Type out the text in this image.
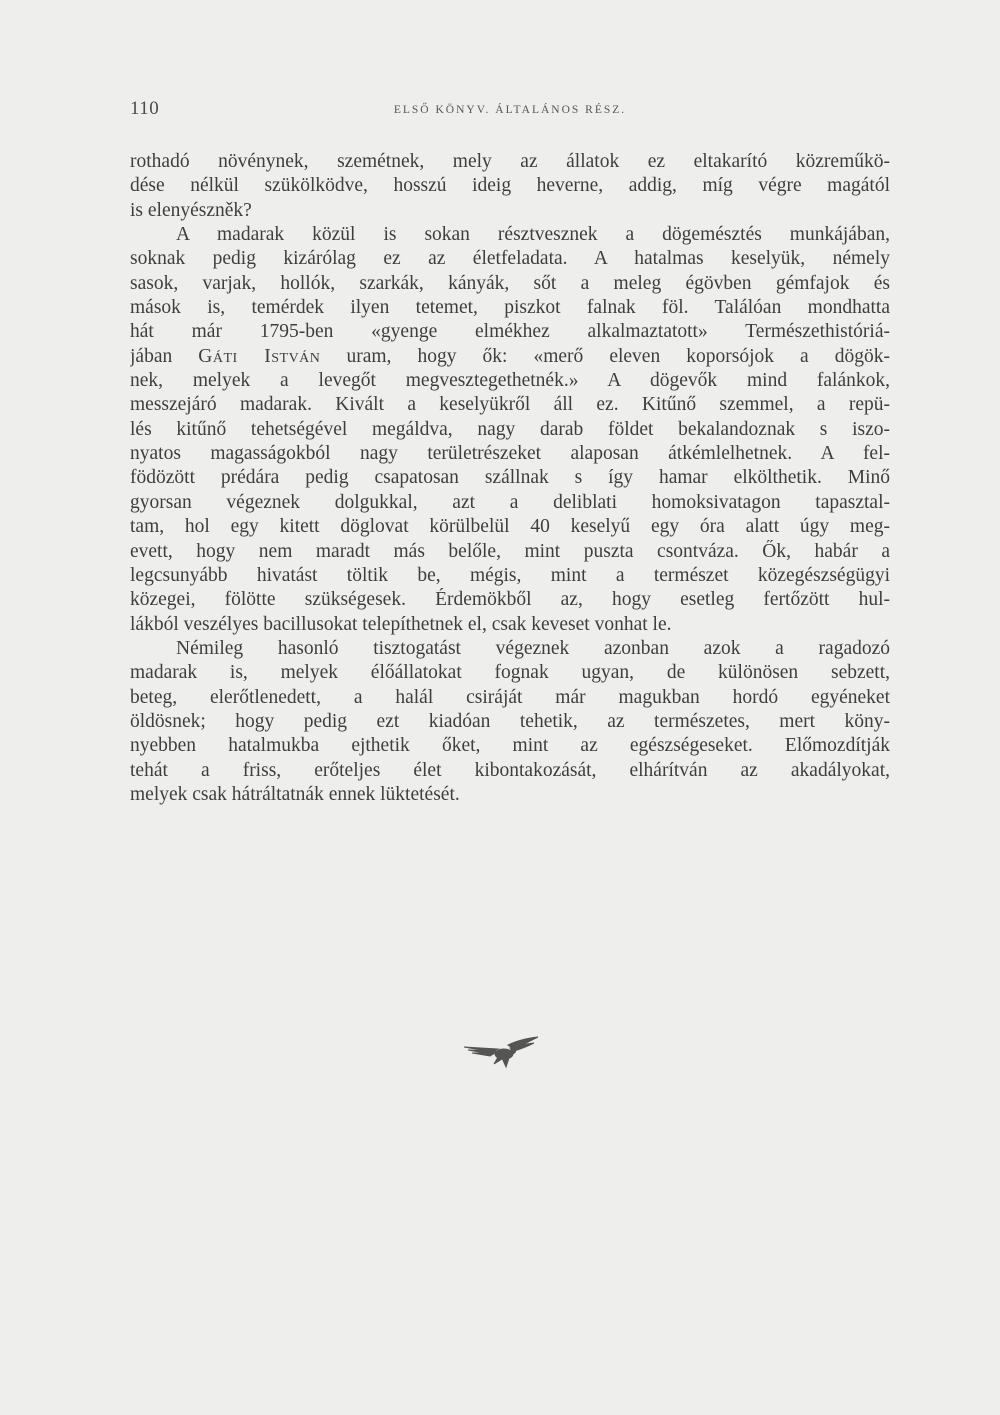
110	ELSŐ KÖNYV. ÁLTALÁNOS RÉSZ.
rothadó növénynek, szemétnek, mely az állatok ez eltakarító közreműkö-
dése nélkül szükölködve, hosszú ideig heverne, addig, míg végre magától
is elenyészněk?
A madarak közül is sokan résztvesznek a dögemésztés munkájában,
soknak pedig kizárólag ez az életfeladata. A hatalmas keselyük, némely
sasok, varjak, hollók, szarkák, kányák, sőt a meleg égövben gémfajok és
mások is, temérdek ilyen tetemet, piszkot falnak föl. Találóan mondhatta
hát már 1795-ben «gyenge elmékhez alkalmaztatott» Természethistóriá-
jában Gáti István uram, hogy ők: «merő eleven koporsójok a dögök-
nek, melyek a levegőt megvesztegethetnék.» A dögevők mind falánkok,
messzejáró madarak. Kivált a keselyükről áll ez. Kitűnő szemmel, a repü-
lés kitűnő tehetségével megáldva, nagy darab földet bekalandoznak s iszo-
nyatos magasságokból nagy területrészeket alaposan átkémlelhetnek. A fel-
födözött prédára pedig csapatosan szállnak s így hamar elkölthetik. Minő
gyorsan végeznek dolgukkal, azt a deliblati homoksivatagon tapasztal-
tam, hol egy kitett döglovat körülbelül 40 keselyű egy óra alatt úgy meg-
evett, hogy nem maradt más belőle, mint puszta csontváza. Ők, habár a
legcsunyább hivatást töltik be, mégis, mint a természet közegészségügyi
közegei, fölötte szükségesek. Érdemökből az, hogy esetleg fertőzött hul-
lákból veszélyes bacillusokat telepíthetnek el, csak keveset vonhat le.
Némileg hasonló tisztogatást végeznek azonban azok a ragadozó
madarak is, melyek élőállatokat fognak ugyan, de különösen sebzett,
beteg, elerőtlenedett, a halál csiráját már magukban hordó egyéneket
öldösnek; hogy pedig ezt kiadóan tehetik, az természetes, mert köny-
nyebben hatalmukba ejthetik őket, mint az egészségeseket. Előmozdítják
tehát a friss, erőteljes élet kibontakozását, elhárítván az akadályokat,
melyek csak hátráltatnák ennek lüktetését.
